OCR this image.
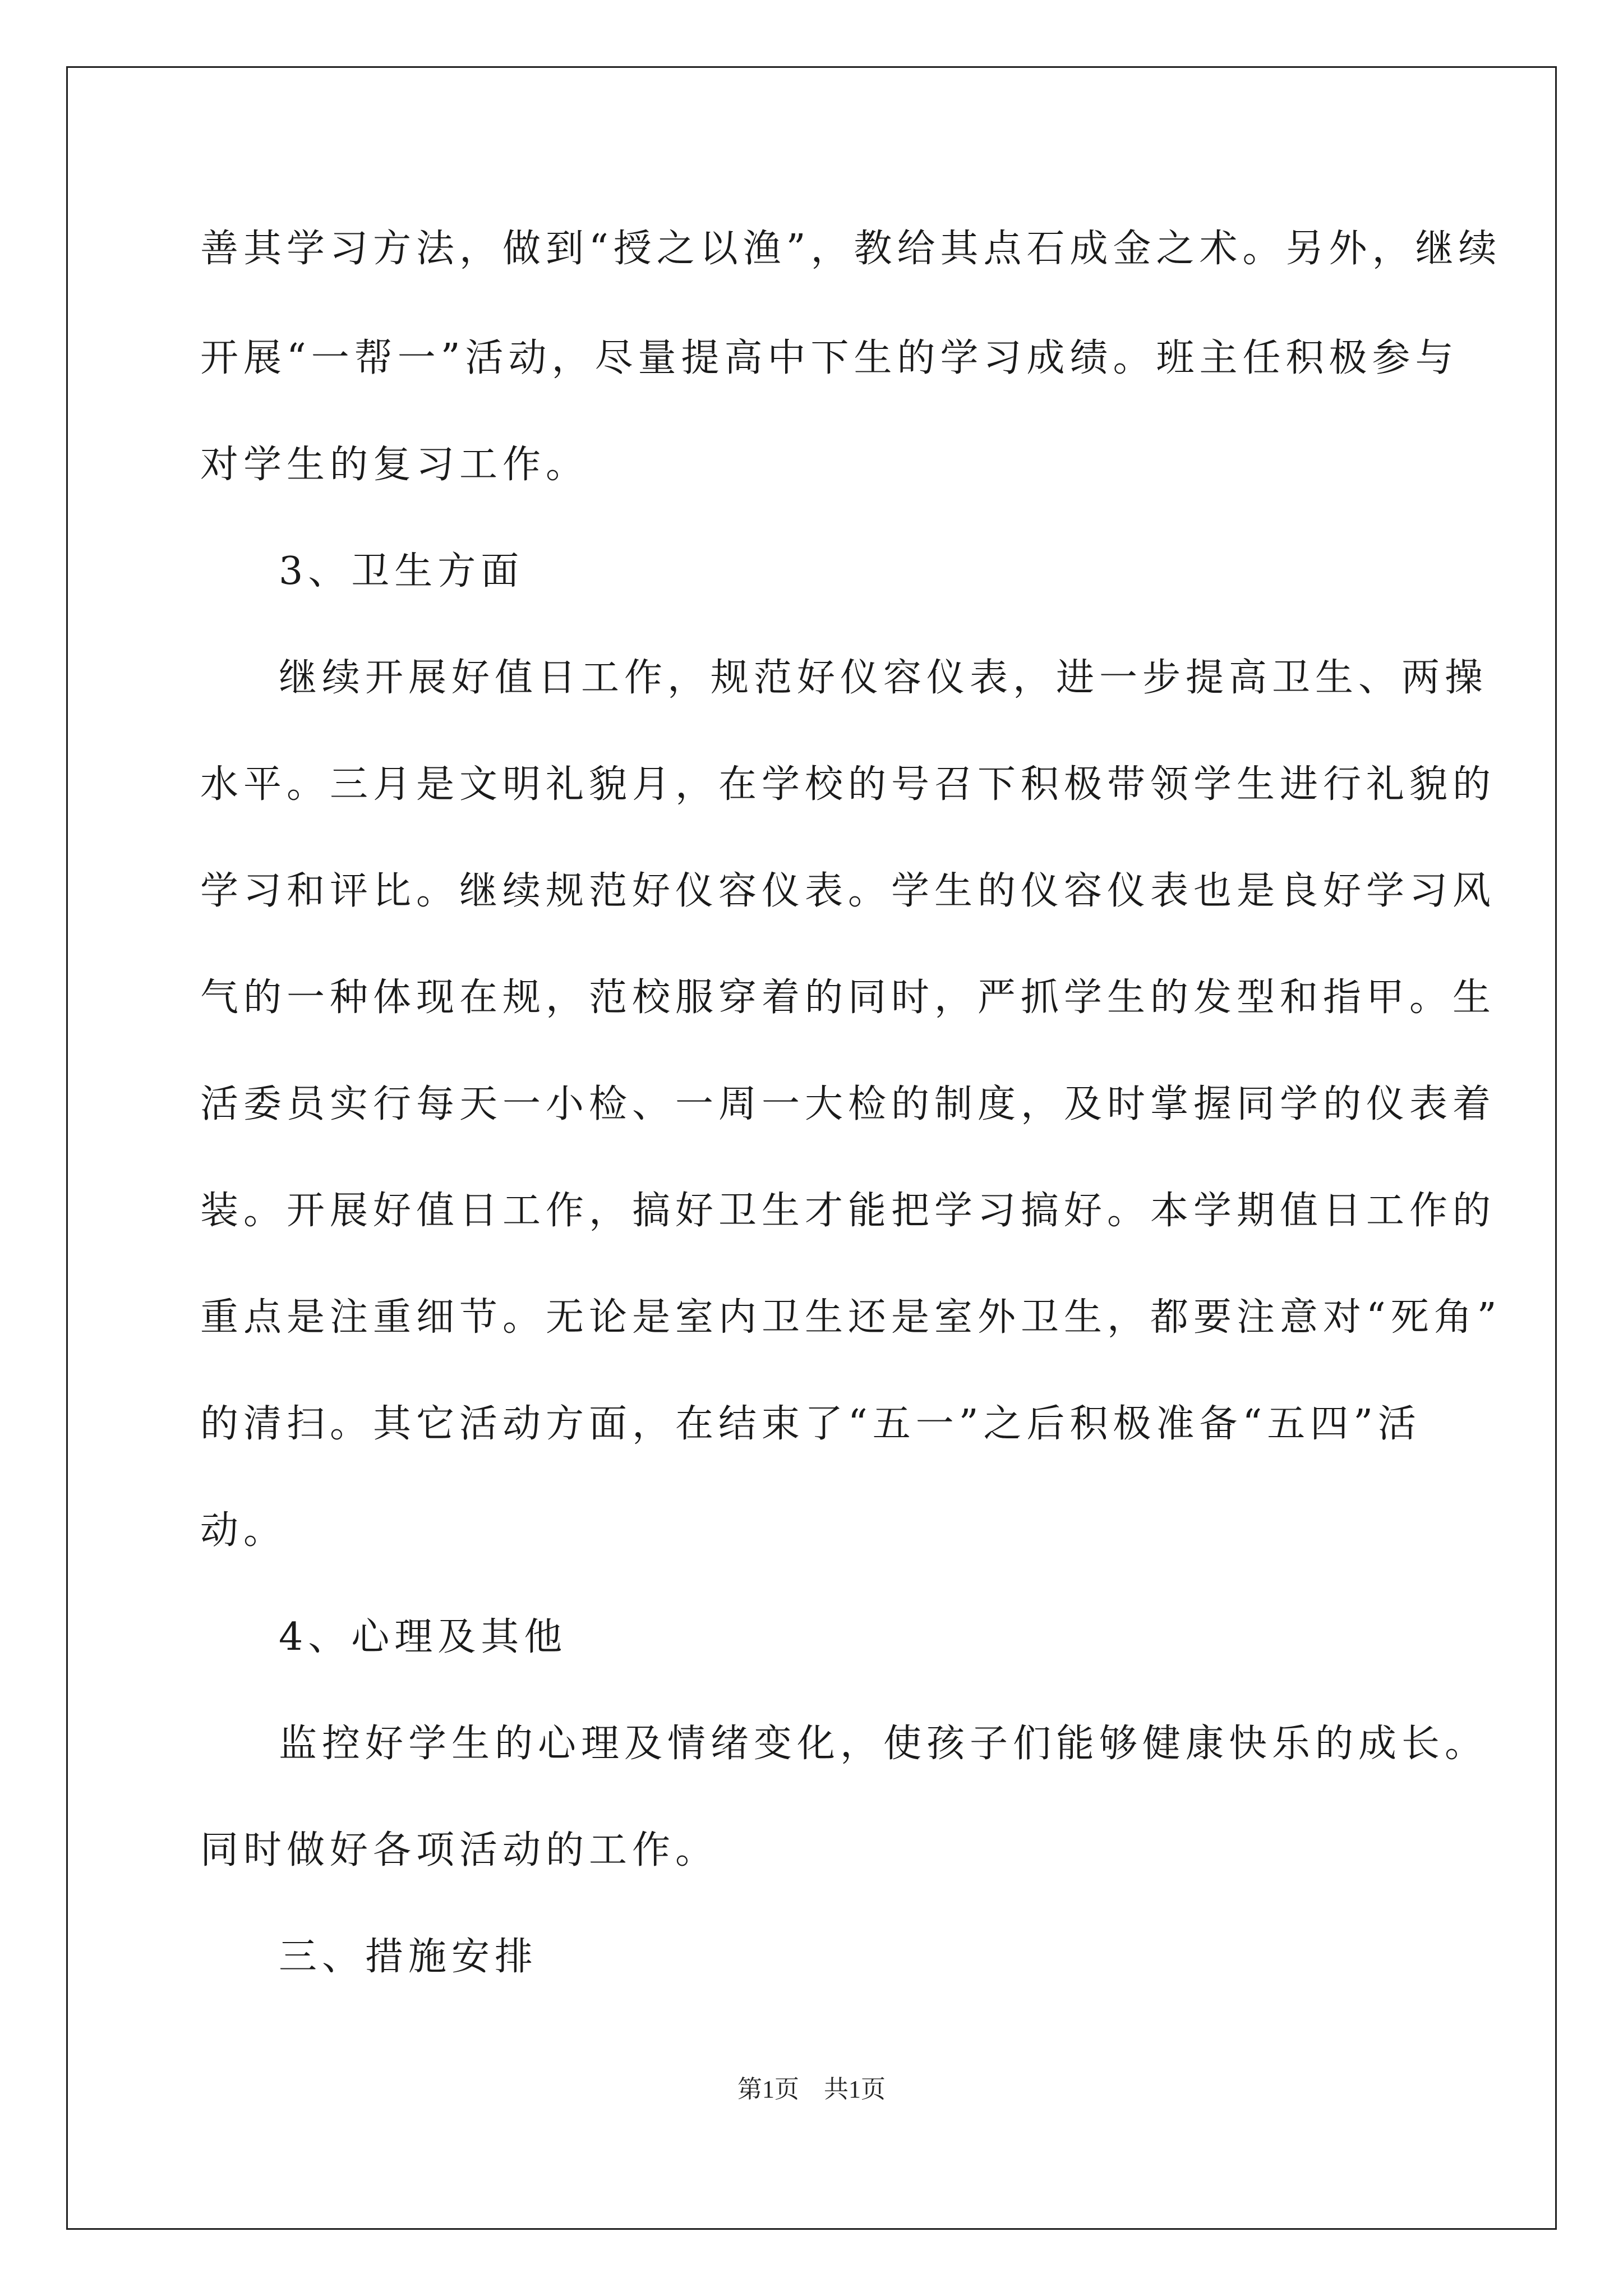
善其学习方法，做到“授之以渔”，教给其点石成金之术。另外，继续
开展“一帮一”活动，尽量提高中下生的学习成绩。班主任积极参与
对学生的复习工作。
3、卫生方面
继续开展好值日工作，规范好仪容仪表，进一步提高卫生、两操
水平。三月是文明礼貌月，在学校的号召下积极带领学生进行礼貌的
学习和评比。继续规范好仪容仪表。学生的仪容仪表也是良好学习风
气的一种体现在规，范校服穿着的同时，严抓学生的发型和指甲。生
活委员实行每天一小检、一周一大检的制度，及时掌握同学的仪表着
装。开展好值日工作，搞好卫生才能把学习搞好。本学期值日工作的
重点是注重细节。无论是室内卫生还是室外卫生，都要注意对“死角”
的清扫。其它活动方面，在结束了“五一”之后积极准备“五四”活
动。
4、心理及其他
监控好学生的心理及情绪变化，使孩子们能够健康快乐的成长。
同时做好各项活动的工作。
三、措施安排
第1页　共1页
